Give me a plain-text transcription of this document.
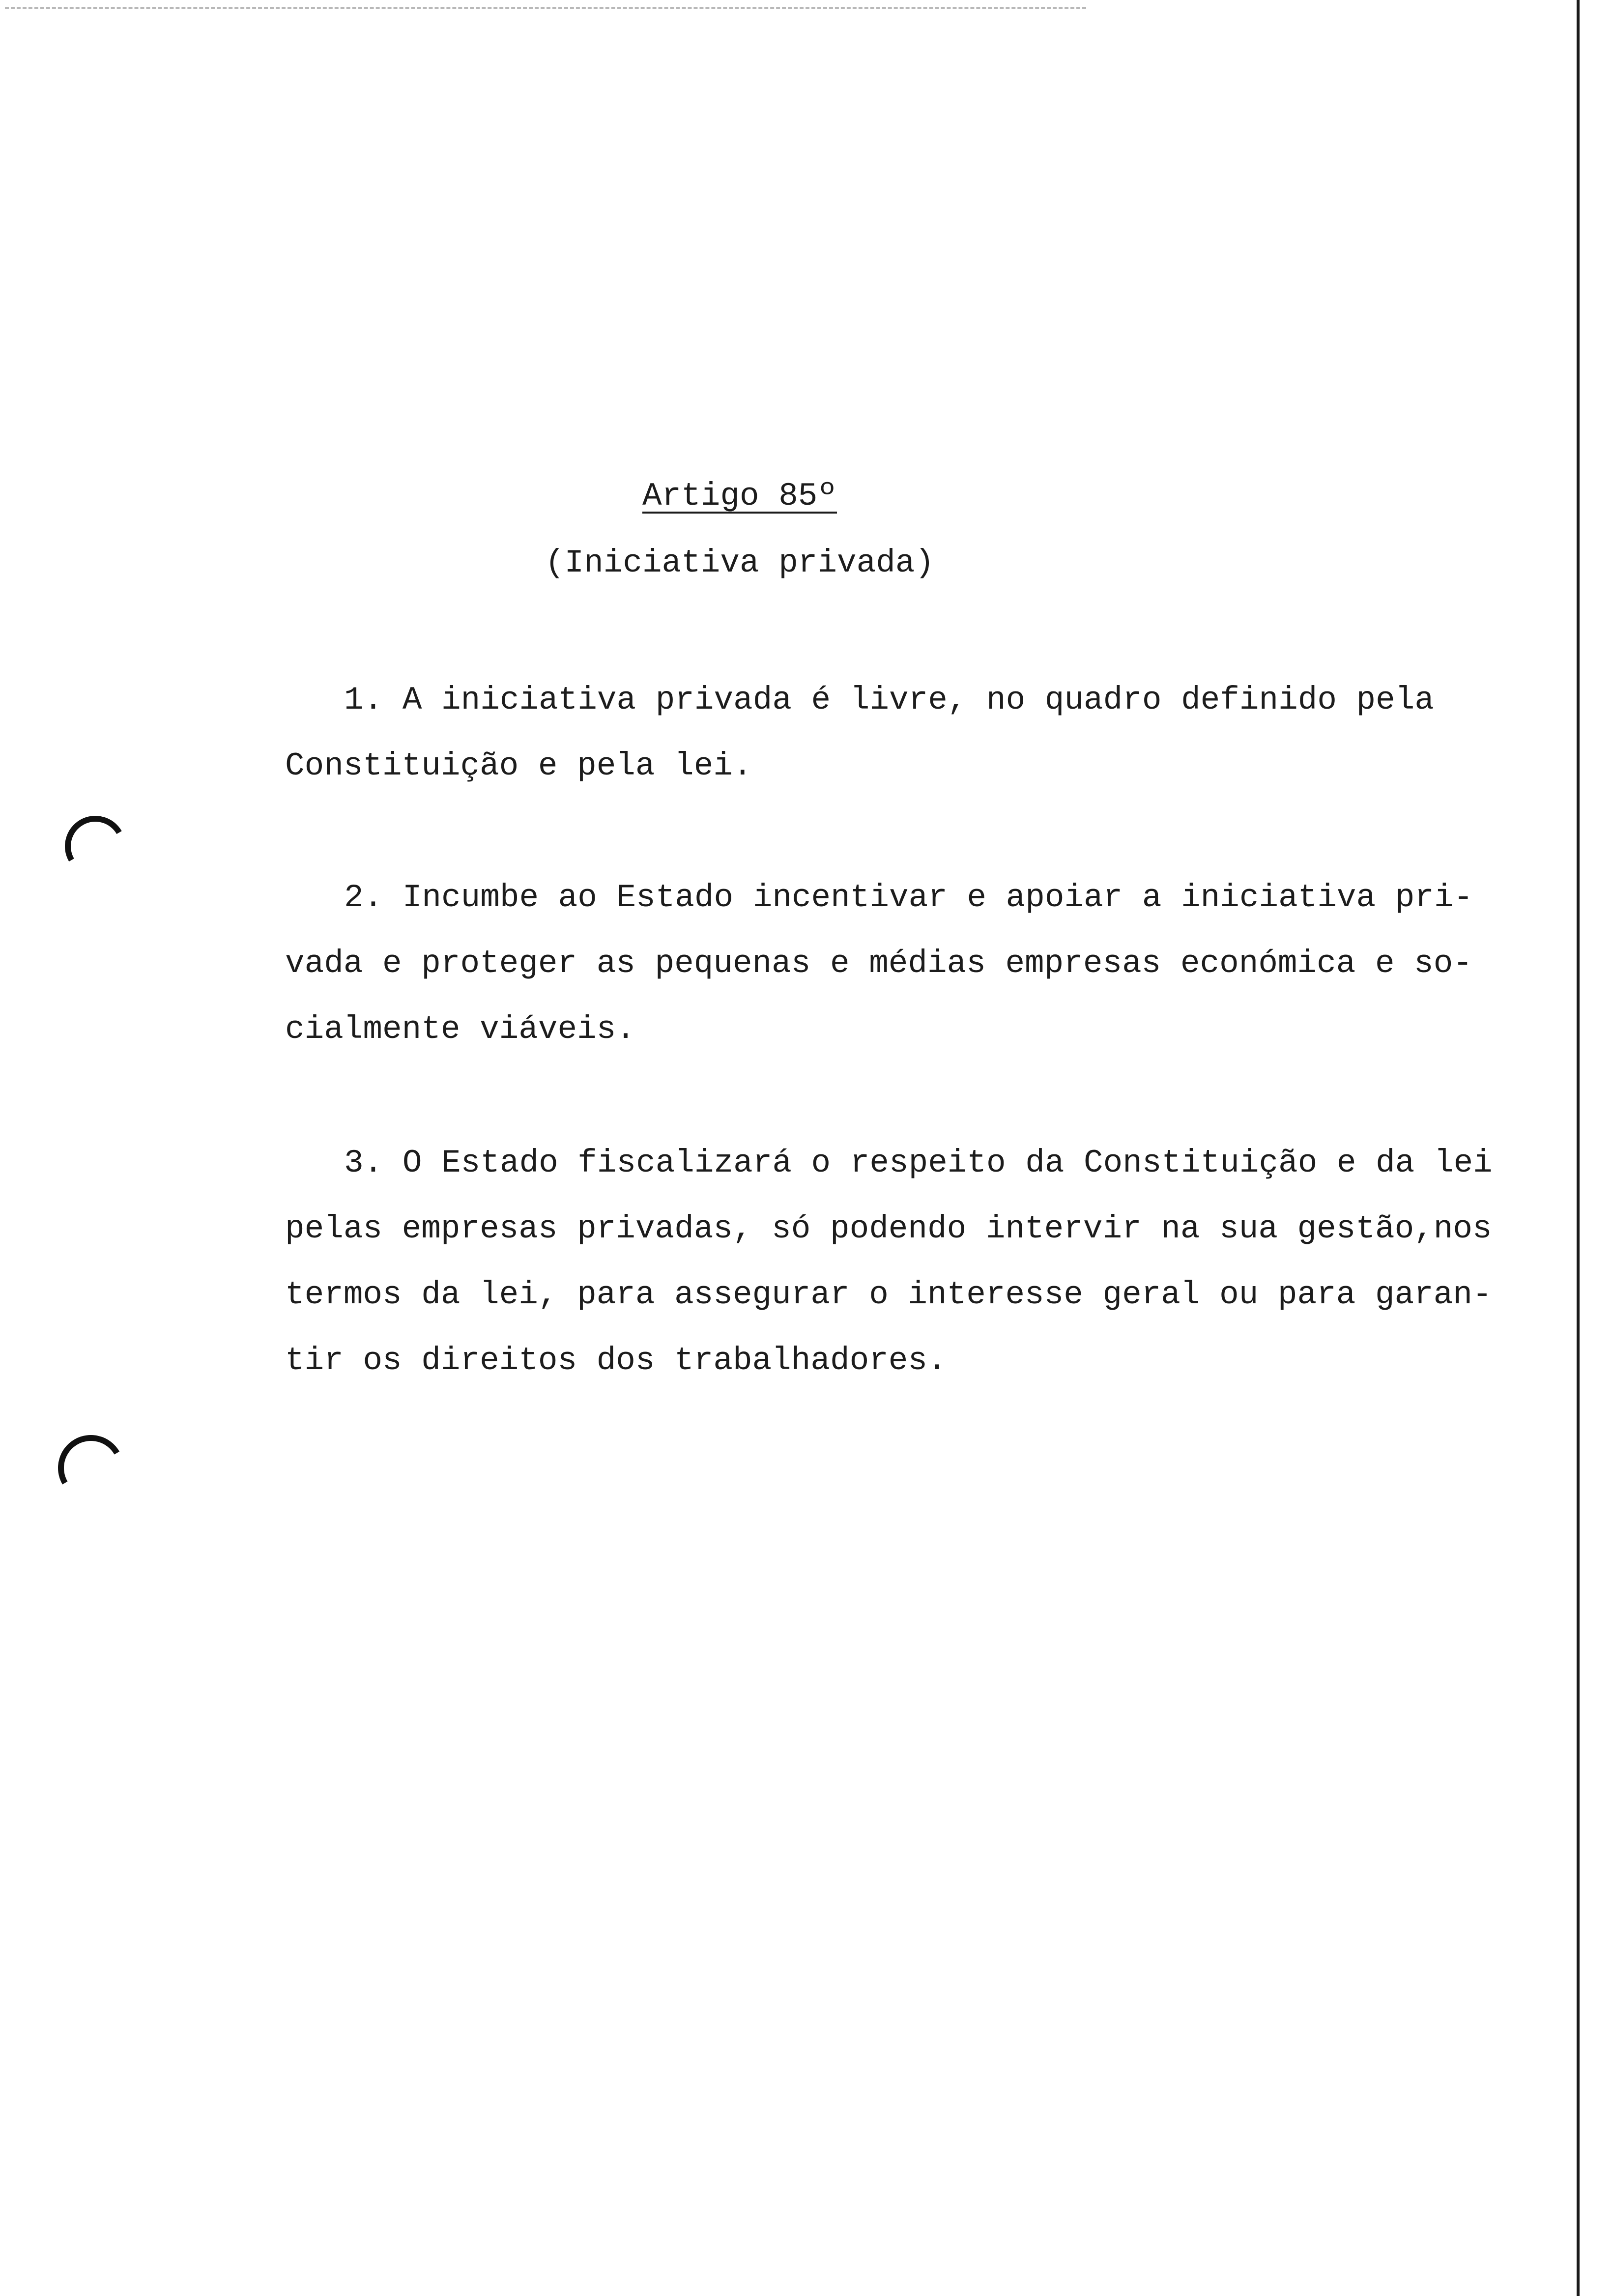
Artigo 85º
(Iniciativa privada)
1. A iniciativa privada é livre, no quadro definido pela
Constituição e pela lei.
2. Incumbe ao Estado incentivar e apoiar a iniciativa pri-
vada e proteger as pequenas e médias empresas económica e so-
cialmente viáveis.
3. O Estado fiscalizará o respeito da Constituição e da lei
pelas empresas privadas, só podendo intervir na sua gestão,nos
termos da lei, para assegurar o interesse geral ou para garan-
tir os direitos dos trabalhadores.
